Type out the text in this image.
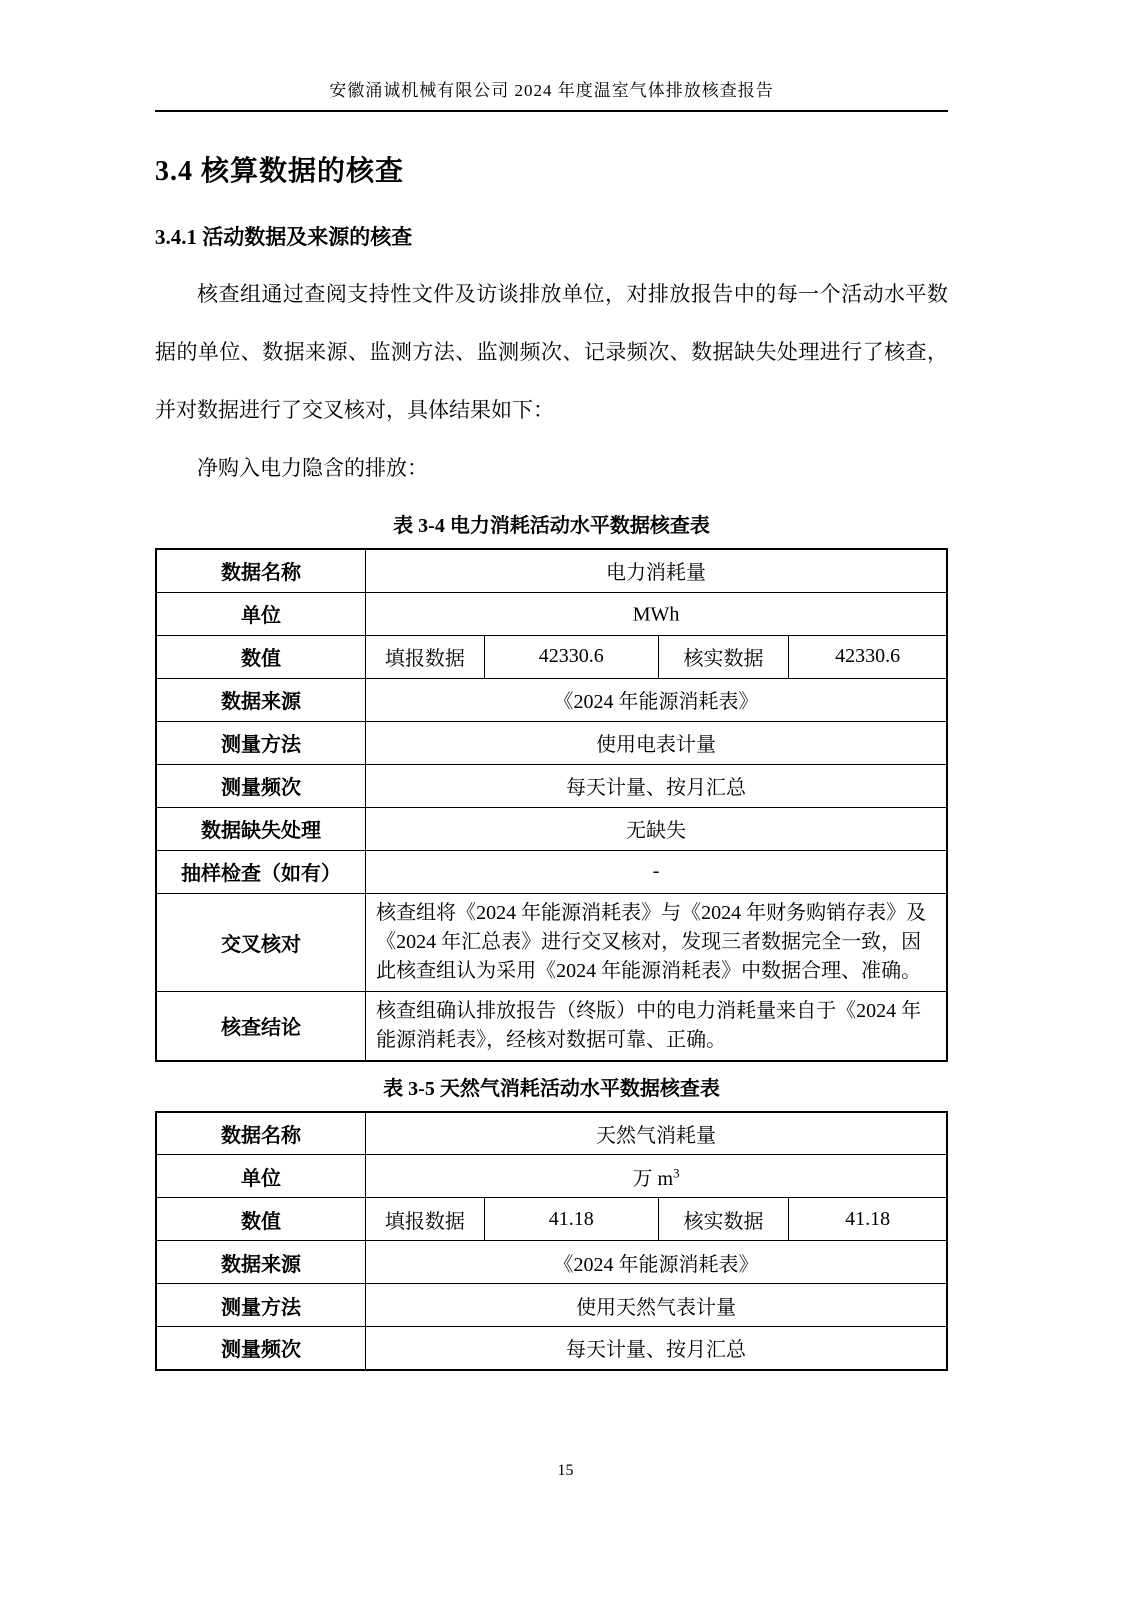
安徽涌诚机械有限公司 2024 年度温室气体排放核查报告
3.4 核算数据的核查
3.4.1 活动数据及来源的核查
核查组通过查阅支持性文件及访谈排放单位，对排放报告中的每一个活动水平数据的单位、数据来源、监测方法、监测频次、记录频次、数据缺失处理进行了核查，并对数据进行了交叉核对，具体结果如下：
净购入电力隐含的排放：
表 3-4 电力消耗活动水平数据核查表
数据名称	电力消耗量			
单位	MWh			
数值	填报数据	42330.6	核实数据	42330.6
数据来源	《2024 年能源消耗表》			
测量方法	使用电表计量			
测量频次	每天计量、按月汇总			
数据缺失处理	无缺失			
抽样检查（如有）	-			
交叉核对	核查组将《2024 年能源消耗表》与《2024 年财务购销存表》及《2024 年汇总表》进行交叉核对，发现三者数据完全一致，因此核查组认为采用《2024 年能源消耗表》中数据合理、准确。			
核查结论	核查组确认排放报告（终版）中的电力消耗量来自于《2024 年能源消耗表》，经核对数据可靠、正确。			
表 3-5 天然气消耗活动水平数据核查表
数据名称	天然气消耗量			
单位	万 $m^3$
数值	填报数据	41.18	核实数据	41.18
数据来源	《2024 年能源消耗表》			
测量方法	使用天然气表计量			
测量频次	每天计量、按月汇总			
15
